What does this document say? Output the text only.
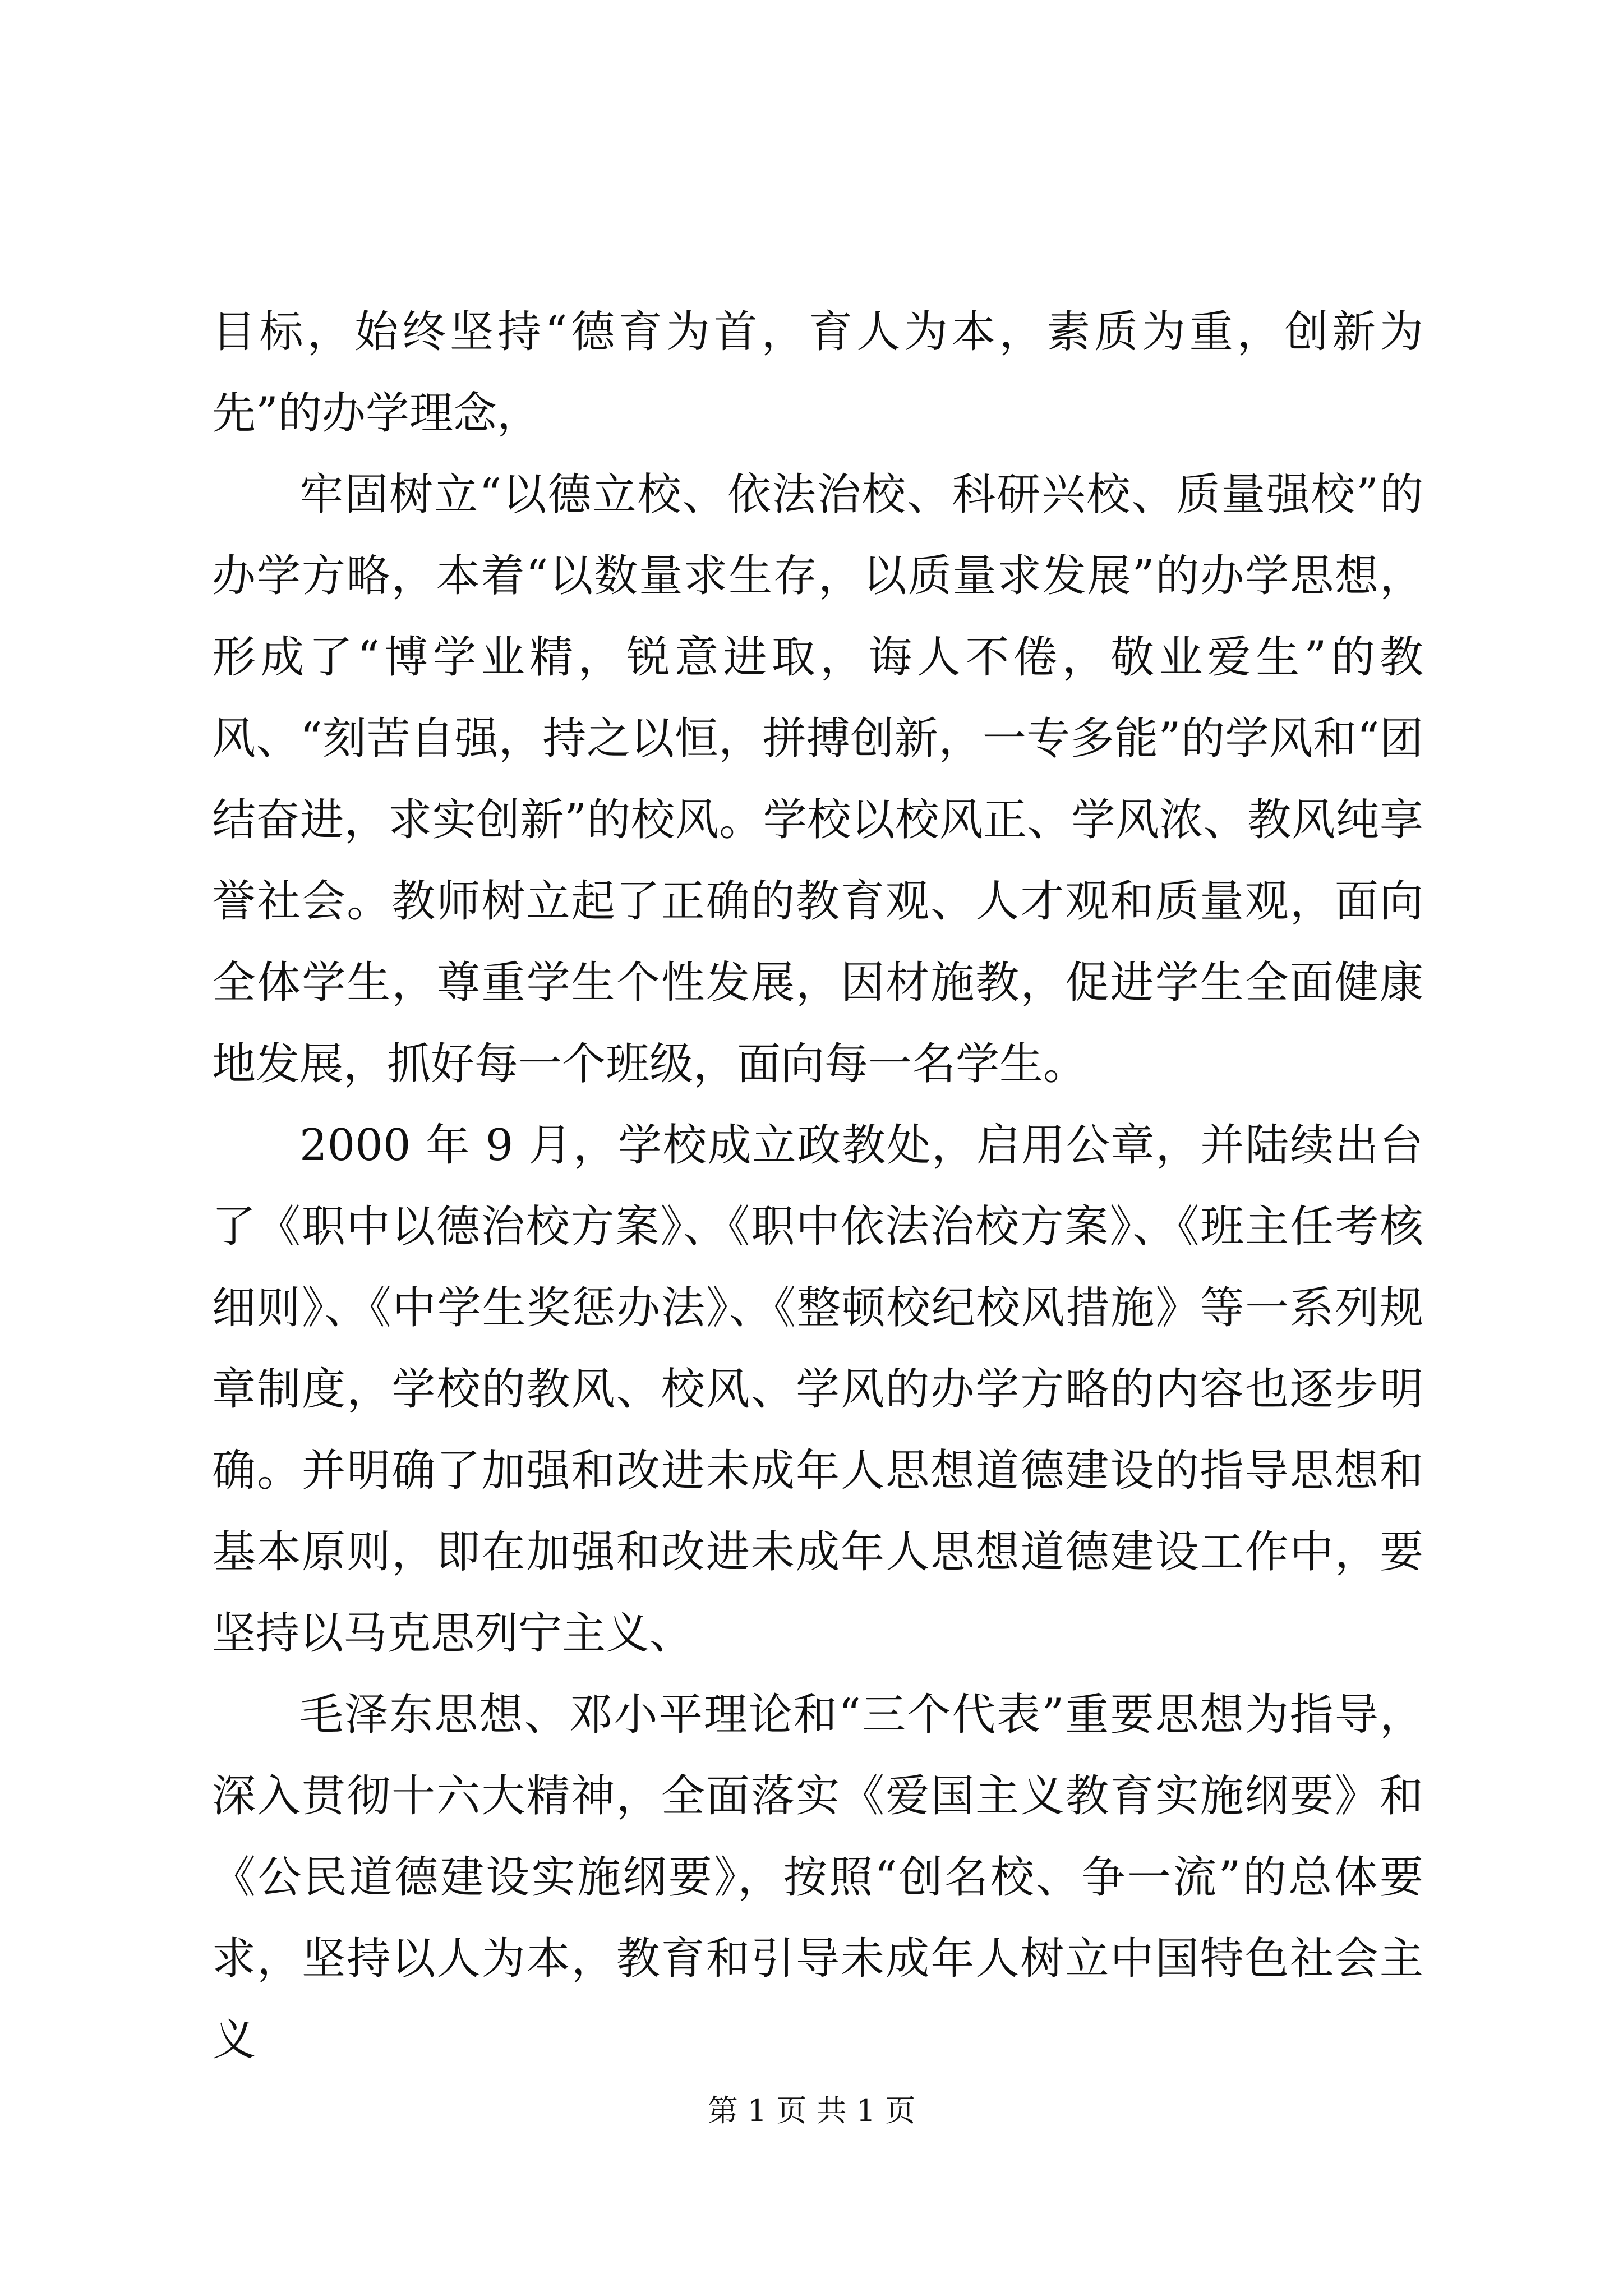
目标，始终坚持“德育为首，育人为本，素质为重，创新为先”的办学理念，

牢固树立“以德立校、依法治校、科研兴校、质量强校”的办学方略，本着“以数量求生存，以质量求发展”的办学思想，形成了“博学业精，锐意进取，诲人不倦，敬业爱生”的教风、“刻苦自强，持之以恒，拼搏创新，一专多能”的学风和“团结奋进，求实创新”的校风。学校以校风正、学风浓、教风纯享誉社会。教师树立起了正确的教育观、人才观和质量观，面向全体学生，尊重学生个性发展，因材施教，促进学生全面健康地发展，抓好每一个班级，面向每一名学生。

2000 年 9 月，学校成立政教处，启用公章，并陆续出台了《职中以德治校方案》、《职中依法治校方案》、《班主任考核细则》、《中学生奖惩办法》、《整顿校纪校风措施》等一系列规章制度，学校的教风、校风、学风的办学方略的内容也逐步明确。并明确了加强和改进未成年人思想道德建设的指导思想和基本原则，即在加强和改进未成年人思想道德建设工作中，要坚持以马克思列宁主义、

毛泽东思想、邓小平理论和“三个代表”重要思想为指导，深入贯彻十六大精神，全面落实《爱国主义教育实施纲要》和《公民道德建设实施纲要》，按照“创名校、争一流”的总体要求，坚持以人为本，教育和引导未成年人树立中国特色社会主义

第 1 页 共 1 页
